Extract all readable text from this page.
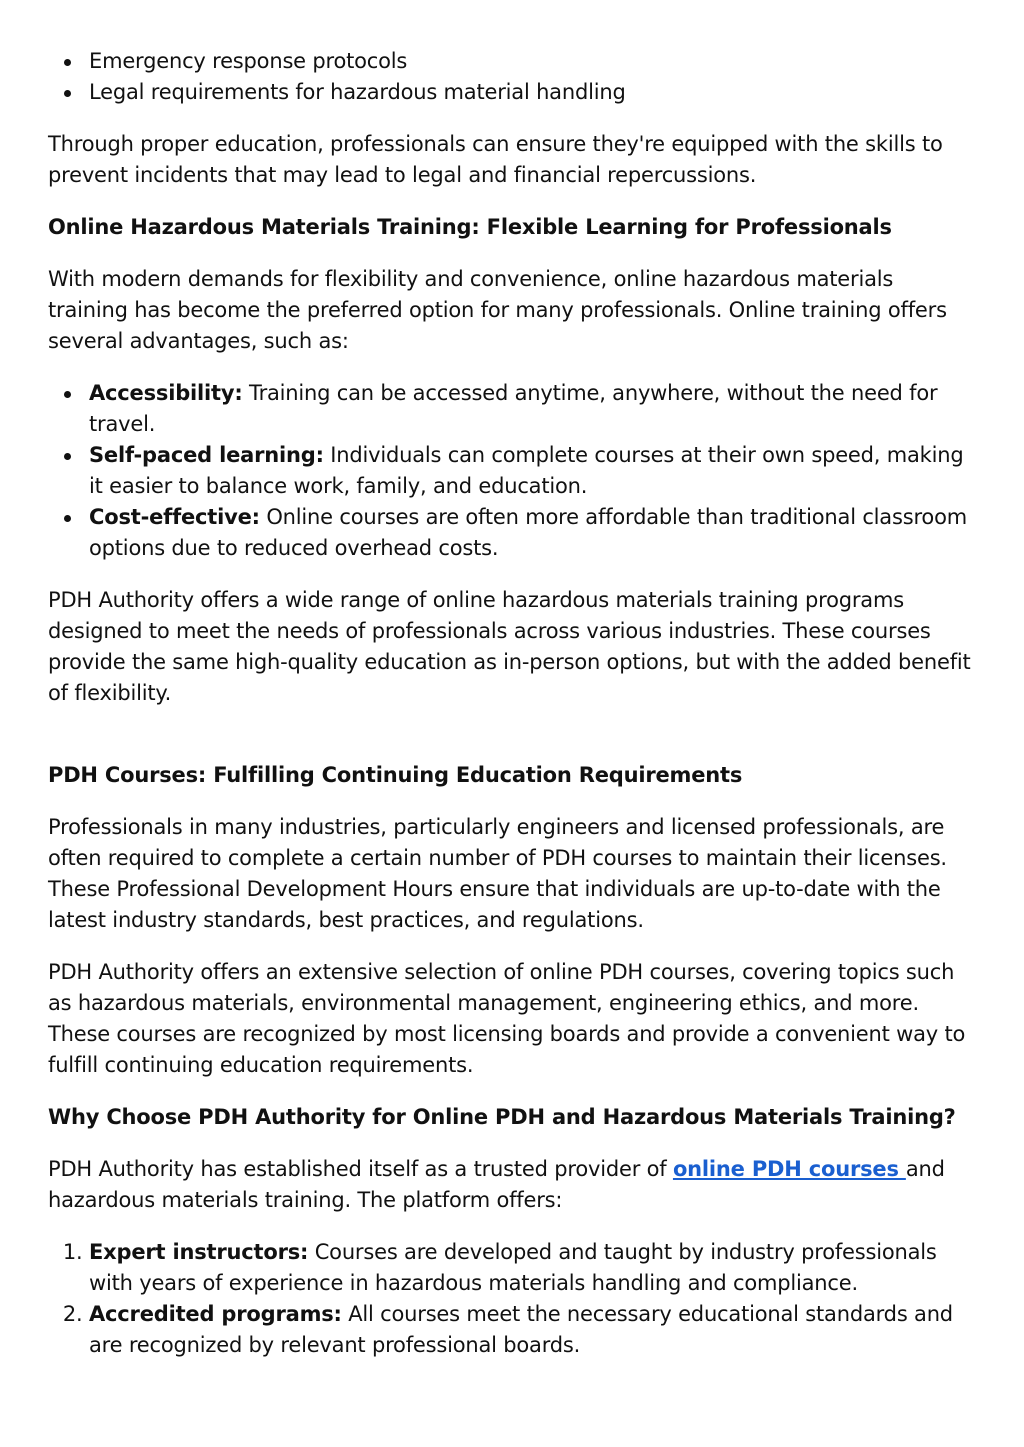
Emergency response protocols
Legal requirements for hazardous material handling

Through proper education, professionals can ensure they're equipped with the skills to prevent incidents that may lead to legal and financial repercussions.

Online Hazardous Materials Training: Flexible Learning for Professionals

With modern demands for flexibility and convenience, online hazardous materials training has become the preferred option for many professionals. Online training offers several advantages, such as:

Accessibility: Training can be accessed anytime, anywhere, without the need for travel.
Self-paced learning: Individuals can complete courses at their own speed, making it easier to balance work, family, and education.
Cost-effective: Online courses are often more affordable than traditional classroom options due to reduced overhead costs.

PDH Authority offers a wide range of online hazardous materials training programs designed to meet the needs of professionals across various industries. These courses provide the same high-quality education as in-person options, but with the added benefit of flexibility.

PDH Courses: Fulfilling Continuing Education Requirements

Professionals in many industries, particularly engineers and licensed professionals, are often required to complete a certain number of PDH courses to maintain their licenses. These Professional Development Hours ensure that individuals are up-to-date with the latest industry standards, best practices, and regulations.

PDH Authority offers an extensive selection of online PDH courses, covering topics such as hazardous materials, environmental management, engineering ethics, and more. These courses are recognized by most licensing boards and provide a convenient way to fulfill continuing education requirements.

Why Choose PDH Authority for Online PDH and Hazardous Materials Training?

PDH Authority has established itself as a trusted provider of online PDH courses and hazardous materials training. The platform offers:

1. Expert instructors: Courses are developed and taught by industry professionals with years of experience in hazardous materials handling and compliance.
2. Accredited programs: All courses meet the necessary educational standards and are recognized by relevant professional boards.
